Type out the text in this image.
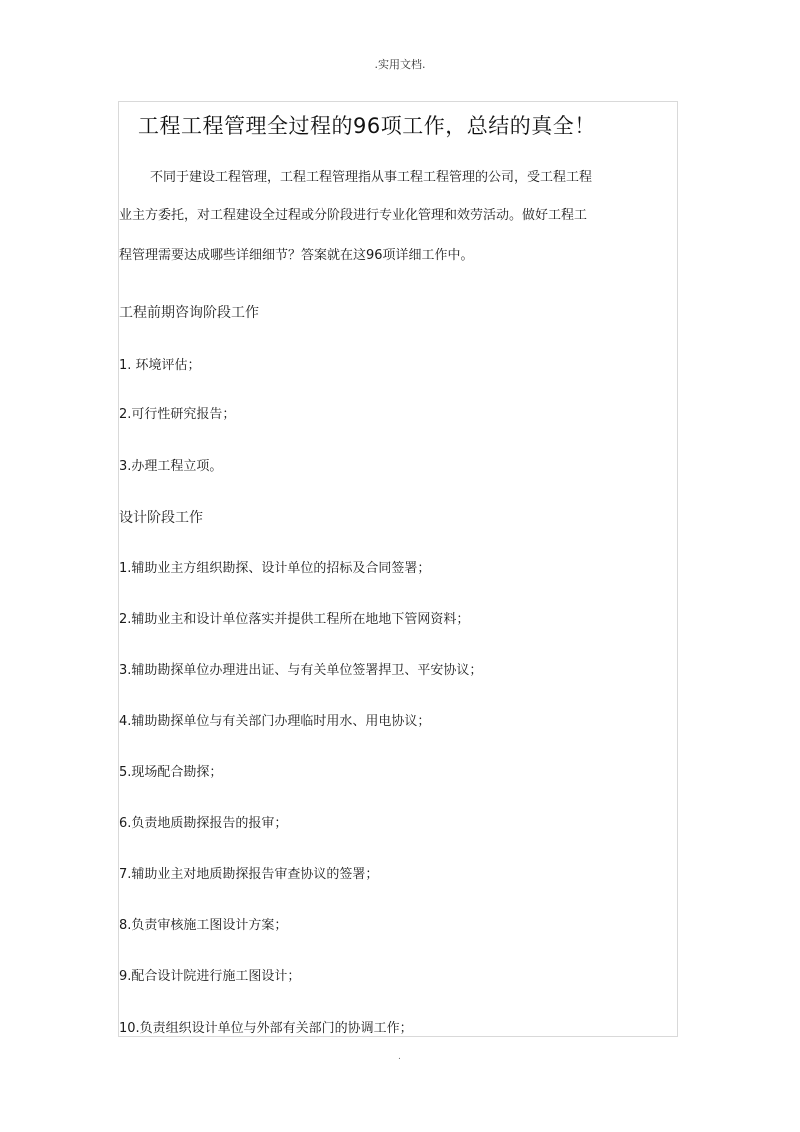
.实用文档.
工程工程管理全过程的96项工作，总结的真全！
不同于建设工程管理，工程工程管理指从事工程工程管理的公司，受工程工程
业主方委托，对工程建设全过程或分阶段进行专业化管理和效劳活动。做好工程工
程管理需要达成哪些详细细节？答案就在这96项详细工作中。
工程前期咨询阶段工作
1. 环境评估；
2.可行性研究报告；
3.办理工程立项。
设计阶段工作
1.辅助业主方组织勘探、设计单位的招标及合同签署；
2.辅助业主和设计单位落实并提供工程所在地地下管网资料；
3.辅助勘探单位办理进出证、与有关单位签署捍卫、平安协议；
4.辅助勘探单位与有关部门办理临时用水、用电协议；
5.现场配合勘探；
6.负责地质勘探报告的报审；
7.辅助业主对地质勘探报告审查协议的签署；
8.负责审核施工图设计方案；
9.配合设计院进行施工图设计；
10.负责组织设计单位与外部有关部门的协调工作；
.
